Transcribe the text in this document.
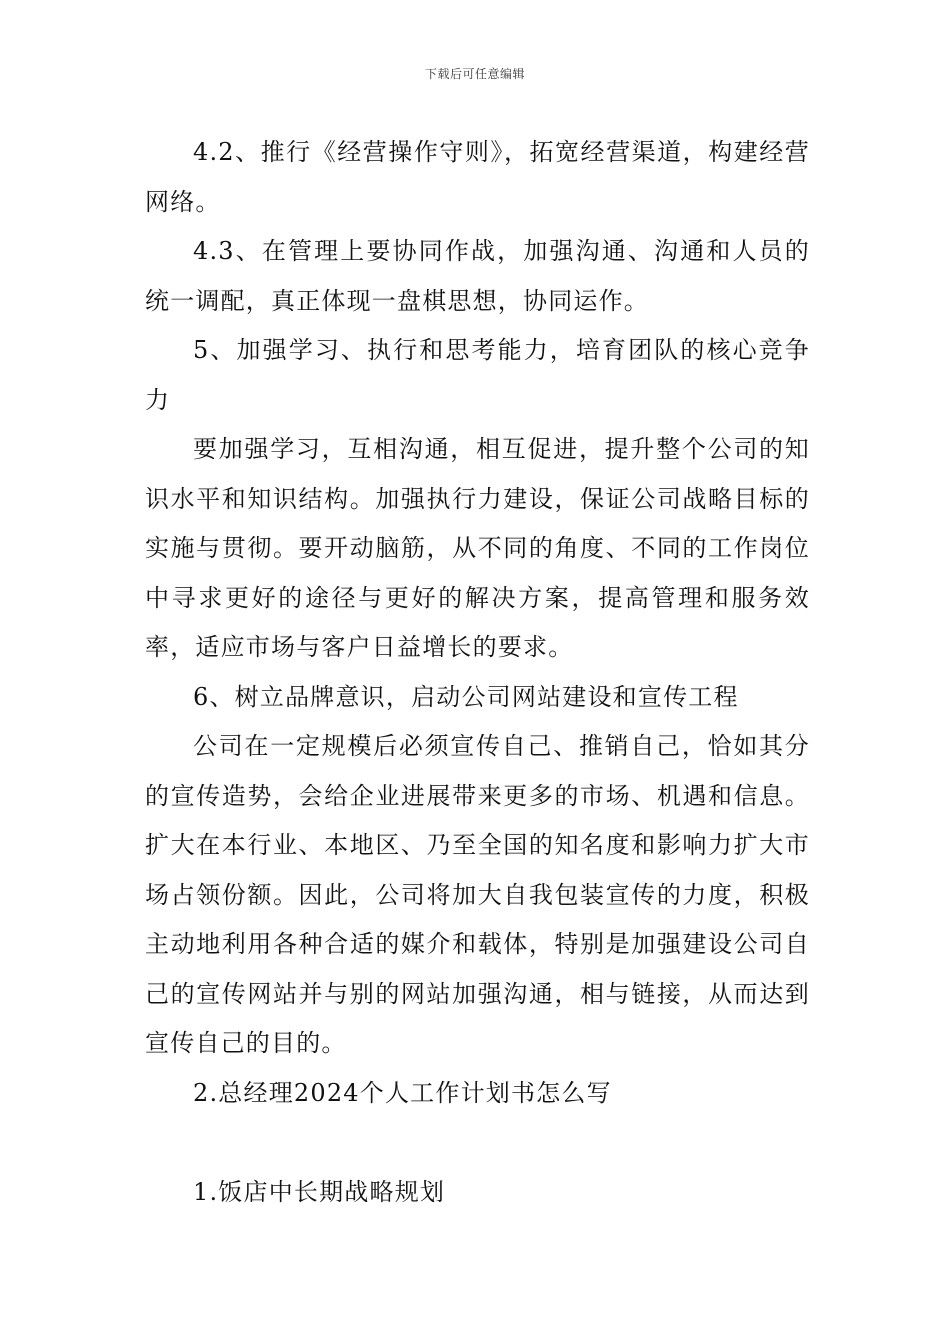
下载后可任意编辑

4.2、推行《经营操作守则》，拓宽经营渠道，构建经营网络。

4.3、在管理上要协同作战，加强沟通、沟通和人员的统一调配，真正体现一盘棋思想，协同运作。

5、加强学习、执行和思考能力，培育团队的核心竞争力

要加强学习，互相沟通，相互促进，提升整个公司的知识水平和知识结构。加强执行力建设，保证公司战略目标的实施与贯彻。要开动脑筋，从不同的角度、不同的工作岗位中寻求更好的途径与更好的解决方案，提高管理和服务效率，适应市场与客户日益增长的要求。

6、树立品牌意识，启动公司网站建设和宣传工程

公司在一定规模后必须宣传自己、推销自己，恰如其分的宣传造势，会给企业进展带来更多的市场、机遇和信息。扩大在本行业、本地区、乃至全国的知名度和影响力扩大市场占领份额。因此，公司将加大自我包装宣传的力度，积极主动地利用各种合适的媒介和载体，特别是加强建设公司自己的宣传网站并与别的网站加强沟通，相与链接，从而达到宣传自己的目的。

2.总经理2024个人工作计划书怎么写

1.饭店中长期战略规划
